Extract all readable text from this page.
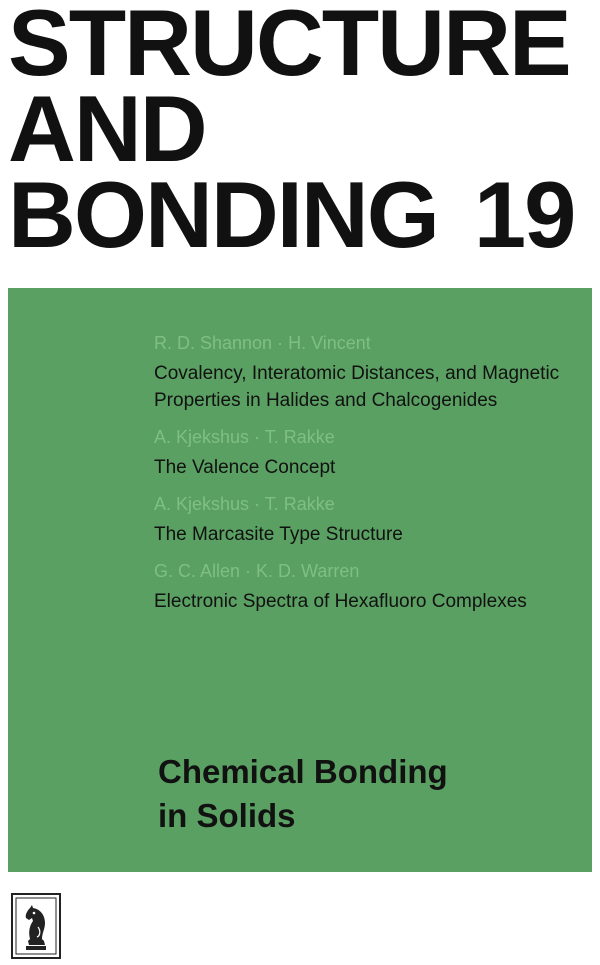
STRUCTURE
AND
BONDING 19

R. D. Shannon · H. Vincent

Covalency, Interatomic Distances, and Magnetic Properties in Halides and Chalcogenides

A. Kjekshus · T. Rakke

The Valence Concept

A. Kjekshus · T. Rakke

The Marcasite Type Structure

G. C. Allen · K. D. Warren

Electronic Spectra of Hexafluoro Complexes

Chemical Bonding
in Solids
